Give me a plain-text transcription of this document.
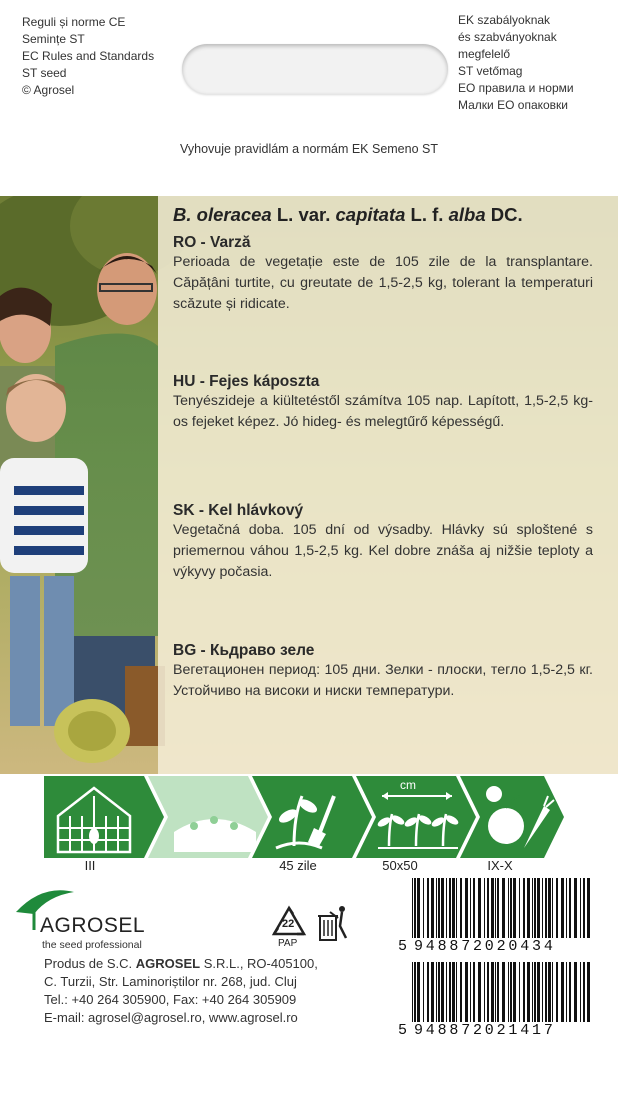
Reguli și norme CE
Semințe ST
EC Rules and Standards
ST seed
© Agrosel
EK szabályoknak
és szabványoknak
megfelelő
ST vetőmag
ЕО правила и норми
Малки ЕО опаковки
Vyhovuje pravidlám a normám EK Semeno ST
B. oleracea L. var. capitata L. f. alba DC.
RO - Varză
Perioada de vegetație este de 105 zile de la transplantare. Căpățâni turtite, cu greutate de 1,5-2,5 kg, tolerant la temperaturi scăzute și ridicate.
HU - Fejes káposzta
Tenyészideje a kiültetéstől számítva 105 nap. Lapított, 1,5-2,5 kg-os fejeket képez. Jó hideg- és melegtűrő képességű.
SK - Kel hlávkový
Vegetačná doba. 105 dní od výsadby. Hlávky sú sploštené s priemernou váhou 1,5-2,5 kg. Kel dobre znáša aj nižšie teploty a výkyvy počasia.
BG - Кьдраво зеле
Вегетационен период: 105 дни. Зелки - плоски, тегло 1,5-2,5 кг. Устойчиво на високи и ниски температури.
cm
III	45 zile	50x50	IX-X
AGROSEL
the seed professional
22
PAP
Produs de S.C. AGROSEL S.R.L., RO-405100,
C. Turzii, Str. Laminoriștilor nr. 268, jud. Cluj
Tel.: +40 264 305900, Fax: +40 264 305909
E-mail: agrosel@agrosel.ro, www.agrosel.ro
5 948872020434
5 948872021417
